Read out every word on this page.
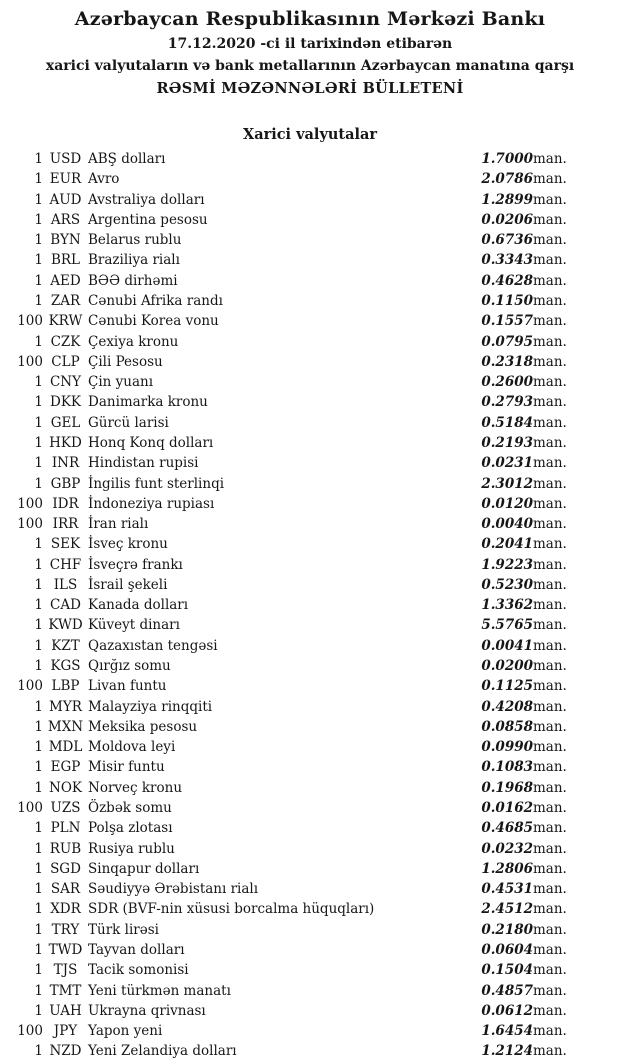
Azərbaycan Respublikasının Mərkəzi Bankı
17.12.2020 -ci il tarixindən etibarən
xarici valyutaların və bank metallarının Azərbaycan manatına qarşı
RƏSMİ MƏZƏNNƏLƏRİ BÜLLETENİ
Xarici valyutalar
1	USD	ABŞ dolları	1.7000	man.
1	EUR	Avro	2.0786	man.
1	AUD	Avstraliya dolları	1.2899	man.
1	ARS	Argentina pesosu	0.0206	man.
1	BYN	Belarus rublu	0.6736	man.
1	BRL	Braziliya rialı	0.3343	man.
1	AED	BƏƏ dirhəmi	0.4628	man.
1	ZAR	Cənubi Afrika randı	0.1150	man.
100	KRW	Cənubi Korea vonu	0.1557	man.
1	CZK	Çexiya kronu	0.0795	man.
100	CLP	Çili Pesosu	0.2318	man.
1	CNY	Çin yuanı	0.2600	man.
1	DKK	Danimarka kronu	0.2793	man.
1	GEL	Gürcü larisi	0.5184	man.
1	HKD	Honq Konq dolları	0.2193	man.
1	INR	Hindistan rupisi	0.0231	man.
1	GBP	İngilis funt sterlinqi	2.3012	man.
100	IDR	İndoneziya rupiası	0.0120	man.
100	IRR	İran rialı	0.0040	man.
1	SEK	İsveç kronu	0.2041	man.
1	CHF	İsveçrə frankı	1.9223	man.
1	ILS	İsrail şekeli	0.5230	man.
1	CAD	Kanada dolları	1.3362	man.
1	KWD	Küveyt dinarı	5.5765	man.
1	KZT	Qazaxıstan tengəsi	0.0041	man.
1	KGS	Qırğız somu	0.0200	man.
100	LBP	Livan funtu	0.1125	man.
1	MYR	Malayziya rinqqiti	0.4208	man.
1	MXN	Meksika pesosu	0.0858	man.
1	MDL	Moldova leyi	0.0990	man.
1	EGP	Misir funtu	0.1083	man.
1	NOK	Norveç kronu	0.1968	man.
100	UZS	Özbək somu	0.0162	man.
1	PLN	Polşa zlotası	0.4685	man.
1	RUB	Rusiya rublu	0.0232	man.
1	SGD	Sinqapur dolları	1.2806	man.
1	SAR	Səudiyyə Ərəbistanı rialı	0.4531	man.
1	XDR	SDR (BVF-nin xüsusi borcalma hüquqları)	2.4512	man.
1	TRY	Türk lirəsi	0.2180	man.
1	TWD	Tayvan dolları	0.0604	man.
1	TJS	Tacik somonisi	0.1504	man.
1	TMT	Yeni türkmən manatı	0.4857	man.
1	UAH	Ukrayna qrivnası	0.0612	man.
100	JPY	Yapon yeni	1.6454	man.
1	NZD	Yeni Zelandiya dolları	1.2124	man.
